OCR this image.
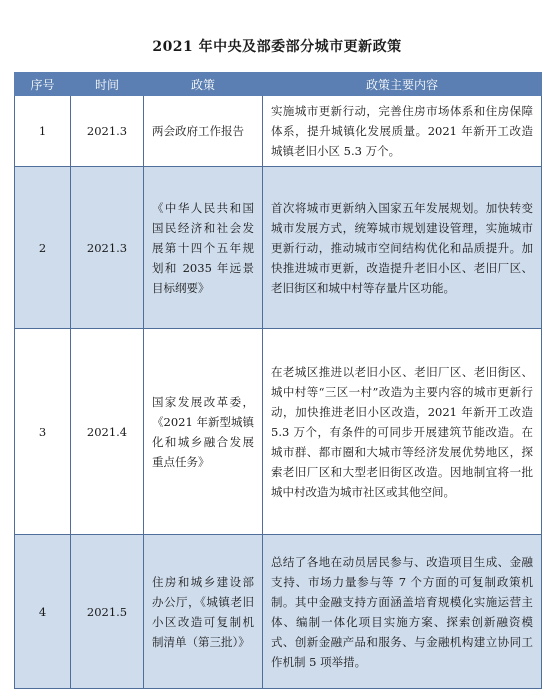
2021 年中央及部委部分城市更新政策
序号	时间	政策	政策主要内容
1	2021.3	两会政府工作报告	实施城市更新行动，完善住房市场体系和住房保障体系，提升城镇化发展质量。2021 年新开工改造城镇老旧小区 5.3 万个。
2	2021.3	《中华人民共和国国民经济和社会发展第十四个五年规划和 2035 年远景目标纲要》	首次将城市更新纳入国家五年发展规划。加快转变城市发展方式，统筹城市规划建设管理，实施城市更新行动，推动城市空间结构优化和品质提升。加快推进城市更新，改造提升老旧小区、老旧厂区、老旧街区和城中村等存量片区功能。
3	2021.4	国家发展改革委，《2021 年新型城镇化和城乡融合发展重点任务》	在老城区推进以老旧小区、老旧厂区、老旧街区、城中村等“三区一村”改造为主要内容的城市更新行动，加快推进老旧小区改造，2021 年新开工改造 5.3 万个，有条件的可同步开展建筑节能改造。在城市群、都市圈和大城市等经济发展优势地区，探索老旧厂区和大型老旧街区改造。因地制宜将一批城中村改造为城市社区或其他空间。
4	2021.5	住房和城乡建设部办公厅，《城镇老旧小区改造可复制机制清单（第三批）》	总结了各地在动员居民参与、改造项目生成、金融支持、市场力量参与等 7 个方面的可复制政策机制。其中金融支持方面涵盖培育规模化实施运营主体、编制一体化项目实施方案、探索创新融资模式、创新金融产品和服务、与金融机构建立协同工作机制 5 项举措。
